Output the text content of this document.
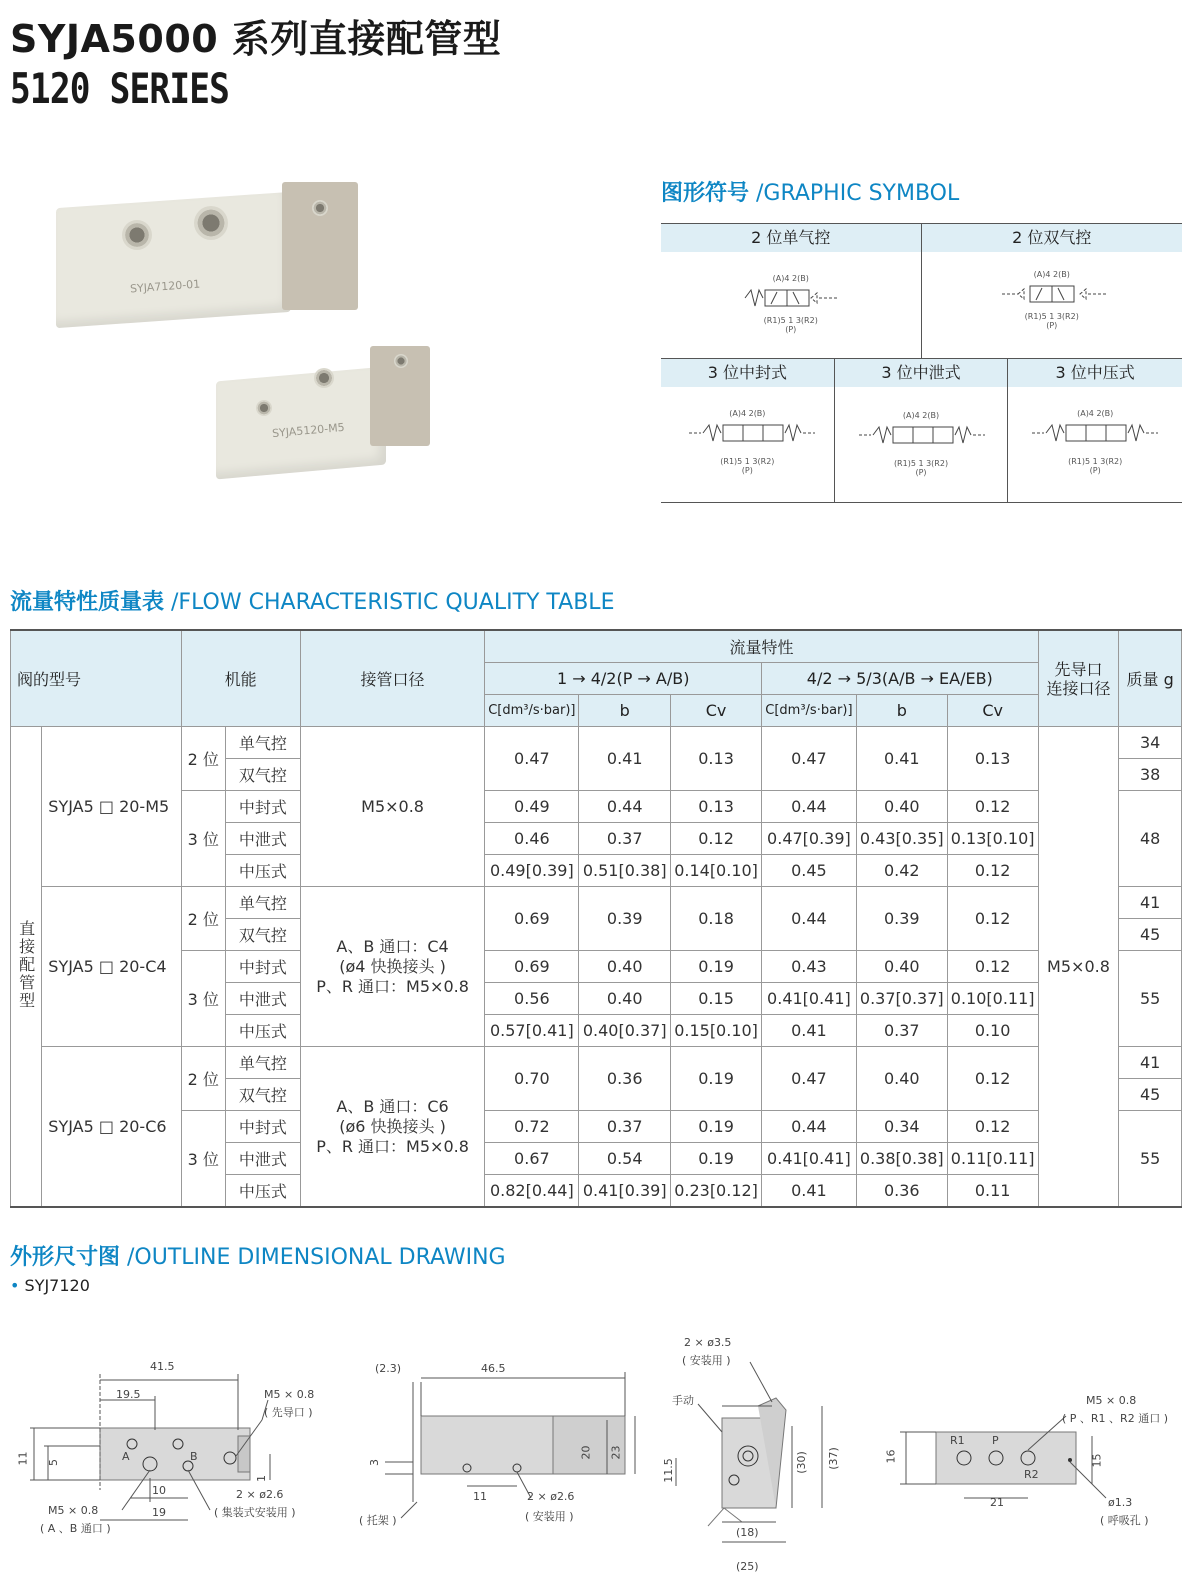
SYJA5000 系列直接配管型
5120 SERIES
SYJA7120-01
SYJA5120-M5
图形符号 /GRAPHIC SYMBOL
2 位单气控	2 位双气控
(A)4 2(B)
(R1)5 1 3(R2)
(P)
(A)4 2(B)
(R1)5 1 3(R2)
(P)
3 位中封式	3 位中泄式	3 位中压式
(A)4 2(B)
(R1)5 1 3(R2)
(P)
(A)4 2(B)
(R1)5 1 3(R2)
(P)
(A)4 2(B)
(R1)5 1 3(R2)
(P)
流量特性质量表 /FLOW CHARACTERISTIC QUALITY TABLE
阀的型号		机能		接管口径	流量特性						先导口
连接口径	质量 g
					1 → 4/2(P → A/B)			4/2 → 5/3(A/B → EA/EB)				
					C[dm³/s·bar)]	b	Cv	C[dm³/s·bar)]	b	Cv		
直接配管型	SYJA5 □ 20-M5	2 位	单气控	M5×0.8	0.47	0.41	0.13	0.47	0.41	0.13	M5×0.8	34
			双气控									38
		3 位	中封式		0.49	0.44	0.13	0.44	0.40	0.12		48
			中泄式		0.46	0.37	0.12	0.47[0.39]	0.43[0.35]	0.13[0.10]		
			中压式		0.49[0.39]	0.51[0.38]	0.14[0.10]	0.45	0.42	0.12		
	SYJA5 □ 20-C4	2 位	单气控	A、B 通口：C4
(ø4 快换接头 )
P、R 通口：M5×0.8	0.69	0.39	0.18	0.44	0.39	0.12		41
			双气控									45
		3 位	中封式		0.69	0.40	0.19	0.43	0.40	0.12		55
			中泄式		0.56	0.40	0.15	0.41[0.41]	0.37[0.37]	0.10[0.11]		
			中压式		0.57[0.41]	0.40[0.37]	0.15[0.10]	0.41	0.37	0.10		
	SYJA5 □ 20-C6	2 位	单气控	A、B 通口：C6
(ø6 快换接头 )
P、R 通口：M5×0.8	0.70	0.36	0.19	0.47	0.40	0.12		41
			双气控									45
		3 位	中封式		0.72	0.37	0.19	0.44	0.34	0.12		55
			中泄式		0.67	0.54	0.19	0.41[0.41]	0.38[0.38]	0.11[0.11]		
			中压式		0.82[0.44]	0.41[0.39]	0.23[0.12]	0.41	0.36	0.11		
外形尺寸图 /OUTLINE DIMENSIONAL DRAWING
• SYJ7120
41.5
19.5	M5 × 0.8
( 先导口 )
11 5	A	B
10
19
1
2 × ø2.6
( 集装式安装用 )
M5 × 0.8
( A 、B 通口 )
(2.3)	46.5
20 23
3
11	2 × ø2.6
( 安装用 )
( 托架 )
2 × ø3.5
( 安装用 )
手动
11.5	(30) (37)
(18)
(25)
M5 × 0.8
( P 、R1 、R2 通口 )
16	15
21
R1 P
R2
ø1.3
( 呼吸孔 )
